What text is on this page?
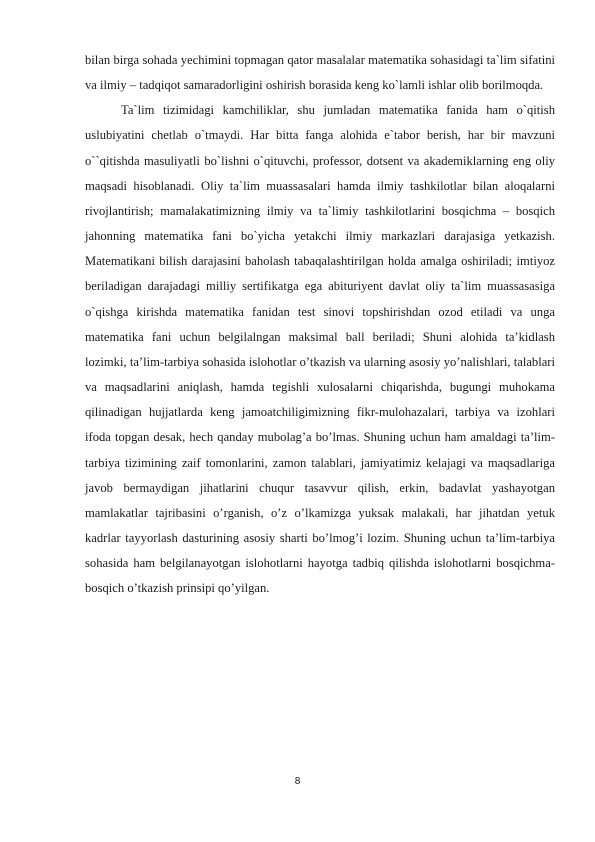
bilan birga sohada yechimini topmagan qator masalalar matematika sohasidagi ta`lim sifatini va ilmiy – tadqiqot samaradorligini oshirish borasida keng ko`lamli ishlar olib borilmoqda.

Ta`lim tizimidagi kamchiliklar, shu jumladan matematika fanida ham o`qitish uslubiyatini chetlab o`tmaydi. Har bitta fanga alohida e`tabor berish, har bir mavzuni o``qitishda masuliyatli bo`lishni o`qituvchi, professor, dotsent va akademiklarning eng oliy maqsadi hisoblanadi. Oliy ta`lim muassasalari hamda ilmiy tashkilotlar bilan aloqalarni rivojlantirish; mamalakatimizning ilmiy va ta`limiy tashkilotlarini bosqichma – bosqich jahonning matematika fani bo`yicha yetakchi ilmiy markazlari darajasiga yetkazish. Matematikani bilish darajasini baholash tabaqalashtirilgan holda amalga oshiriladi; imtiyoz beriladigan darajadagi milliy sertifikatga ega abituriyent davlat oliy ta`lim muassasasiga o`qishga kirishda matematika fanidan test sinovi topshirishdan ozod etiladi va unga matematika fani uchun belgilalngan maksimal ball beriladi; Shuni alohida ta’kidlash lozimki, ta’lim-tarbiya sohasida islohotlar o’tkazish va ularning asosiy yo’nalishlari, talablari va maqsadlarini aniqlash, hamda tegishli xulosalarni chiqarishda, bugungi muhokama qilinadigan hujjatlarda keng jamoatchiligimizning fikr-mulohazalari, tarbiya va izohlari ifoda topgan desak, hech qanday mubolag’a bo’lmas. Shuning uchun ham amaldagi ta’lim-tarbiya tizimining zaif tomonlarini, zamon talablari, jamiyatimiz kelajagi va maqsadlariga javob bermaydigan jihatlarini chuqur tasavvur qilish, erkin, badavlat yashayotgan mamlakatlar tajribasini o’rganish, o’z o’lkamizga yuksak malakali, har jihatdan yetuk kadrlar tayyorlash dasturining asosiy sharti bo’lmog’i lozim. Shuning uchun ta’lim-tarbiya sohasida ham belgilanayotgan islohotlarni hayotga tadbiq qilishda islohotlarni bosqichma-bosqich o’tkazish prinsipi qo’yilgan.

8
